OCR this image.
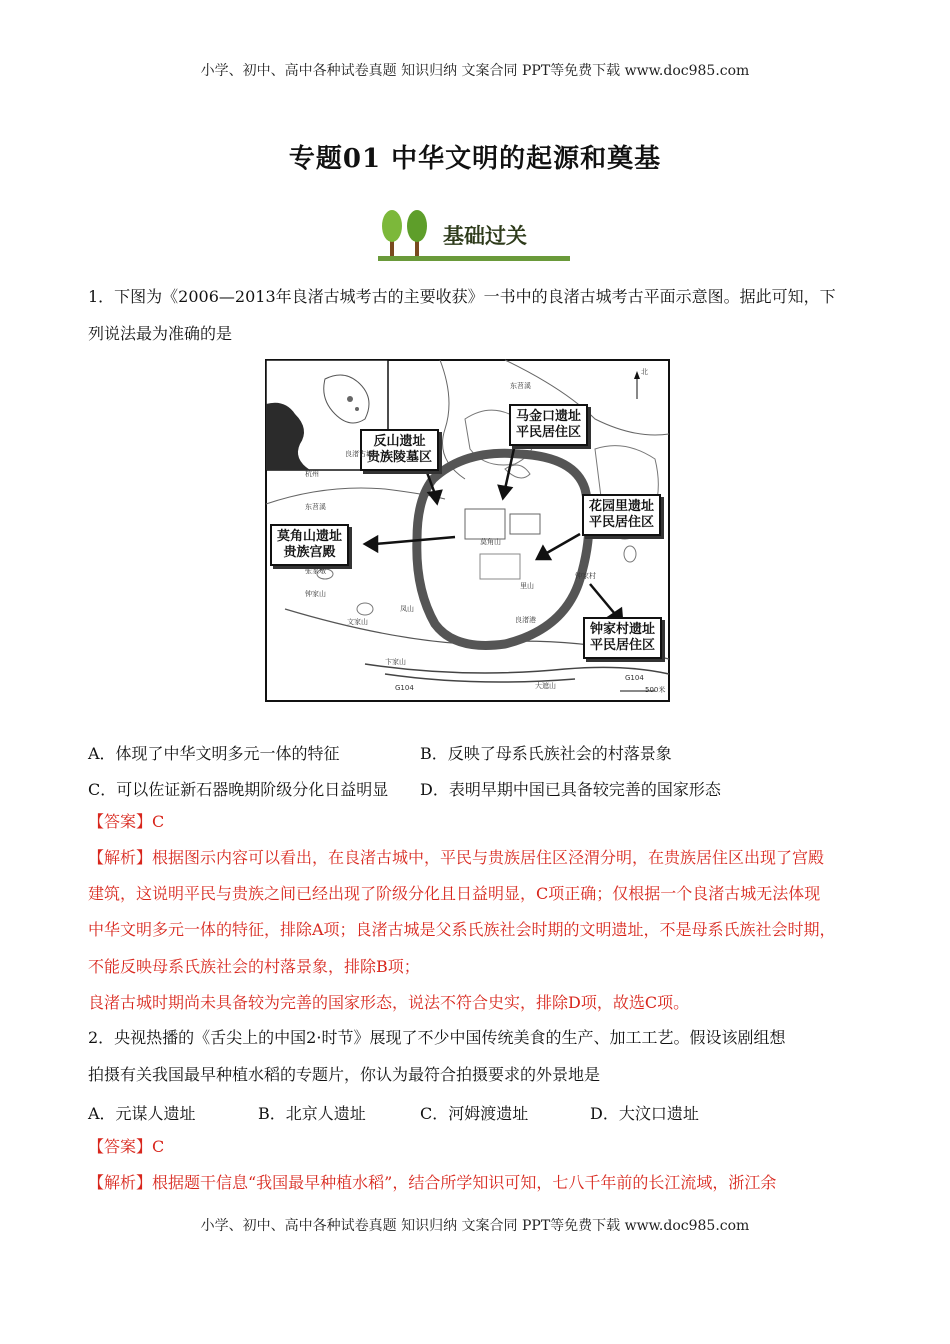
小学、初中、高中各种试卷真题 知识归纳 文案合同 PPT等免费下载 www.doc985.com
专题01 中华文明的起源和奠基
基础过关
1．下图为《2006—2013年良渚古城考古的主要收获》一书中的良渚古城考古平面示意图。据此可知，下
列说法最为准确的是
反山遗址
贵族陵墓区
马金口遗址
平民居住区
花园里遗址
平民居住区
莫角山遗址
贵族宫殿
钟家村遗址
平民居住区
北
东苕溪
东苕溪
杭州
良渚古城
莫角山
张家墩
钟家山
文家山
卞家山
凤山
里山
钟家村
良渚港
大遮山
G104
G104
500米
A．体现了中华文明多元一体的特征	B．反映了母系氏族社会的村落景象
C．可以佐证新石器晚期阶级分化日益明显 D．表明早期中国已具备较完善的国家形态
【答案】C
【解析】根据图示内容可以看出，在良渚古城中，平民与贵族居住区泾渭分明，在贵族居住区出现了宫殿
建筑，这说明平民与贵族之间已经出现了阶级分化且日益明显，C项正确；仅根据一个良渚古城无法体现
中华文明多元一体的特征，排除A项；良渚古城是父系氏族社会时期的文明遗址，不是母系氏族社会时期，
不能反映母系氏族社会的村落景象，排除B项；
良渚古城时期尚未具备较为完善的国家形态，说法不符合史实，排除D项，故选C项。
2．央视热播的《舌尖上的中国2·时节》展现了不少中国传统美食的生产、加工工艺。假设该剧组想
拍摄有关我国最早种植水稻的专题片，你认为最符合拍摄要求的外景地是
A．元谋人遗址	B．北京人遗址	C．河姆渡遗址	D．大汶口遗址
【答案】C
【解析】根据题干信息“我国最早种植水稻”，结合所学知识可知，七八千年前的长江流域，浙江余
小学、初中、高中各种试卷真题 知识归纳 文案合同 PPT等免费下载 www.doc985.com
